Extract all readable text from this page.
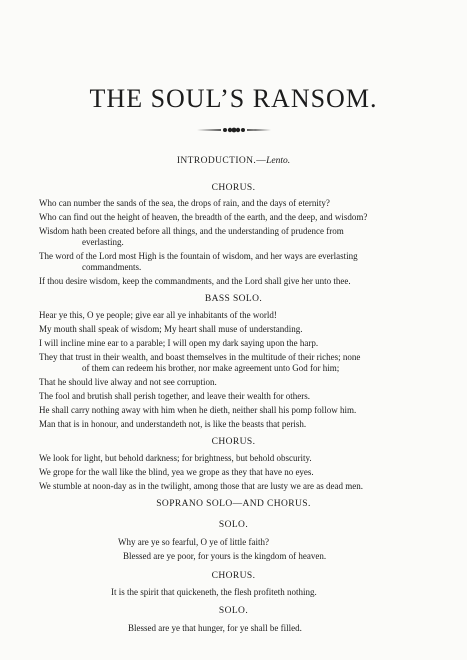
THE SOUL’S RANSOM.
INTRODUCTION.—Lento.
CHORUS.
Who can number the sands of the sea, the drops of rain, and the days of eternity?
Who can find out the height of heaven, the breadth of the earth, and the deep, and wisdom?
Wisdom hath been created before all things, and the understanding of prudence from
everlasting.
The word of the Lord most High is the fountain of wisdom, and her ways are everlasting
commandments.
If thou desire wisdom, keep the commandments, and the Lord shall give her unto thee.
BASS SOLO.
Hear ye this, O ye people; give ear all ye inhabitants of the world!
My mouth shall speak of wisdom; My heart shall muse of understanding.
I will incline mine ear to a parable; I will open my dark saying upon the harp.
They that trust in their wealth, and boast themselves in the multitude of their riches; none
of them can redeem his brother, nor make agreement unto God for him;
That he should live alway and not see corruption.
The fool and brutish shall perish together, and leave their wealth for others.
He shall carry nothing away with him when he dieth, neither shall his pomp follow him.
Man that is in honour, and understandeth not, is like the beasts that perish.
CHORUS.
We look for light, but behold darkness; for brightness, but behold obscurity.
We grope for the wall like the blind, yea we grope as they that have no eyes.
We stumble at noon-day as in the twilight, among those that are lusty we are as dead men.
SOPRANO SOLO—AND CHORUS.
SOLO.
Why are ye so fearful, O ye of little faith?
Blessed are ye poor, for yours is the kingdom of heaven.
CHORUS.
It is the spirit that quickeneth, the flesh profiteth nothing.
SOLO.
Blessed are ye that hunger, for ye shall be filled.
